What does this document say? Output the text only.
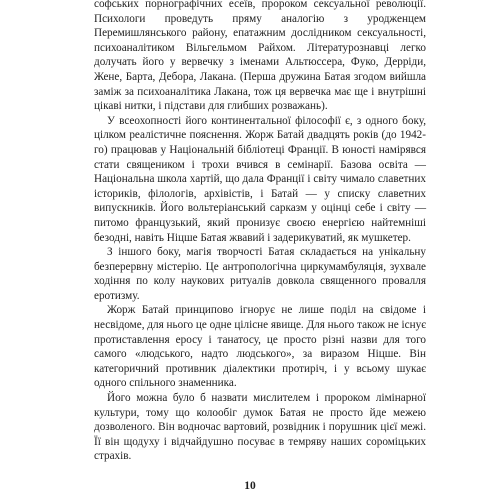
софських порнографічних есеїв, пророком сексуальної революції. Психологи проведуть пряму аналогію з уродженцем Перемишлянського району, епатажним дослідником сексуальності, психоаналітиком Вільгельмом Райхом. Літературознавці легко долучать його у вервечку з іменами Альтюссера, Фуко, Дерріди, Жене, Барта, Дебора, Лакана. (Перша дружина Батая згодом вийшла заміж за психоаналітика Лакана, тож ця вервечка має ще і внутрішні цікаві нитки, і підстави для глибших розважань).

У всеохопності його континентальної філософії є, з одного боку, цілком реалістичне пояснення. Жорж Батай двадцять років (до 1942-го) працював у Національній бібліотеці Франції. В юності намірявся стати священиком і трохи вчився в семінарії. Базова освіта — Національна школа хартій, що дала Франції і світу чимало славетних істориків, філологів, архівістів, і Батай — у списку славетних випускників. Його вольтеріанський сарказм у оцінці себе і світу — питомо французький, який пронизує своєю енергією найтемніші безодні, навіть Ніцше Батая жвавий і задерикуватий, як мушкетер.

З іншого боку, магія творчості Батая складається на унікальну безперервну містерію. Це антропологічна циркумамбуляція, зухвале ходіння по колу наукових ритуалів довкола священного провалля еротизму.

Жорж Батай принципово ігнорує не лише поділ на свідоме і несвідоме, для нього це одне цілісне явище. Для нього також не існує протиставлення еросу і танатосу, це просто різні назви для того самого «людського, надто людського», за виразом Ніцше. Він категоричний противник діалектики протиріч, і у всьому шукає одного спільного знаменника.

Його можна було б назвати мислителем і пророком лімінарної культури, тому що колообіг думок Батая не просто йде межею дозволеного. Він водночас вартовий, розвідник і порушник цієї межі. Її він щодуху і відчайдушно посуває в темряву наших сороміцьких страхів.

10
